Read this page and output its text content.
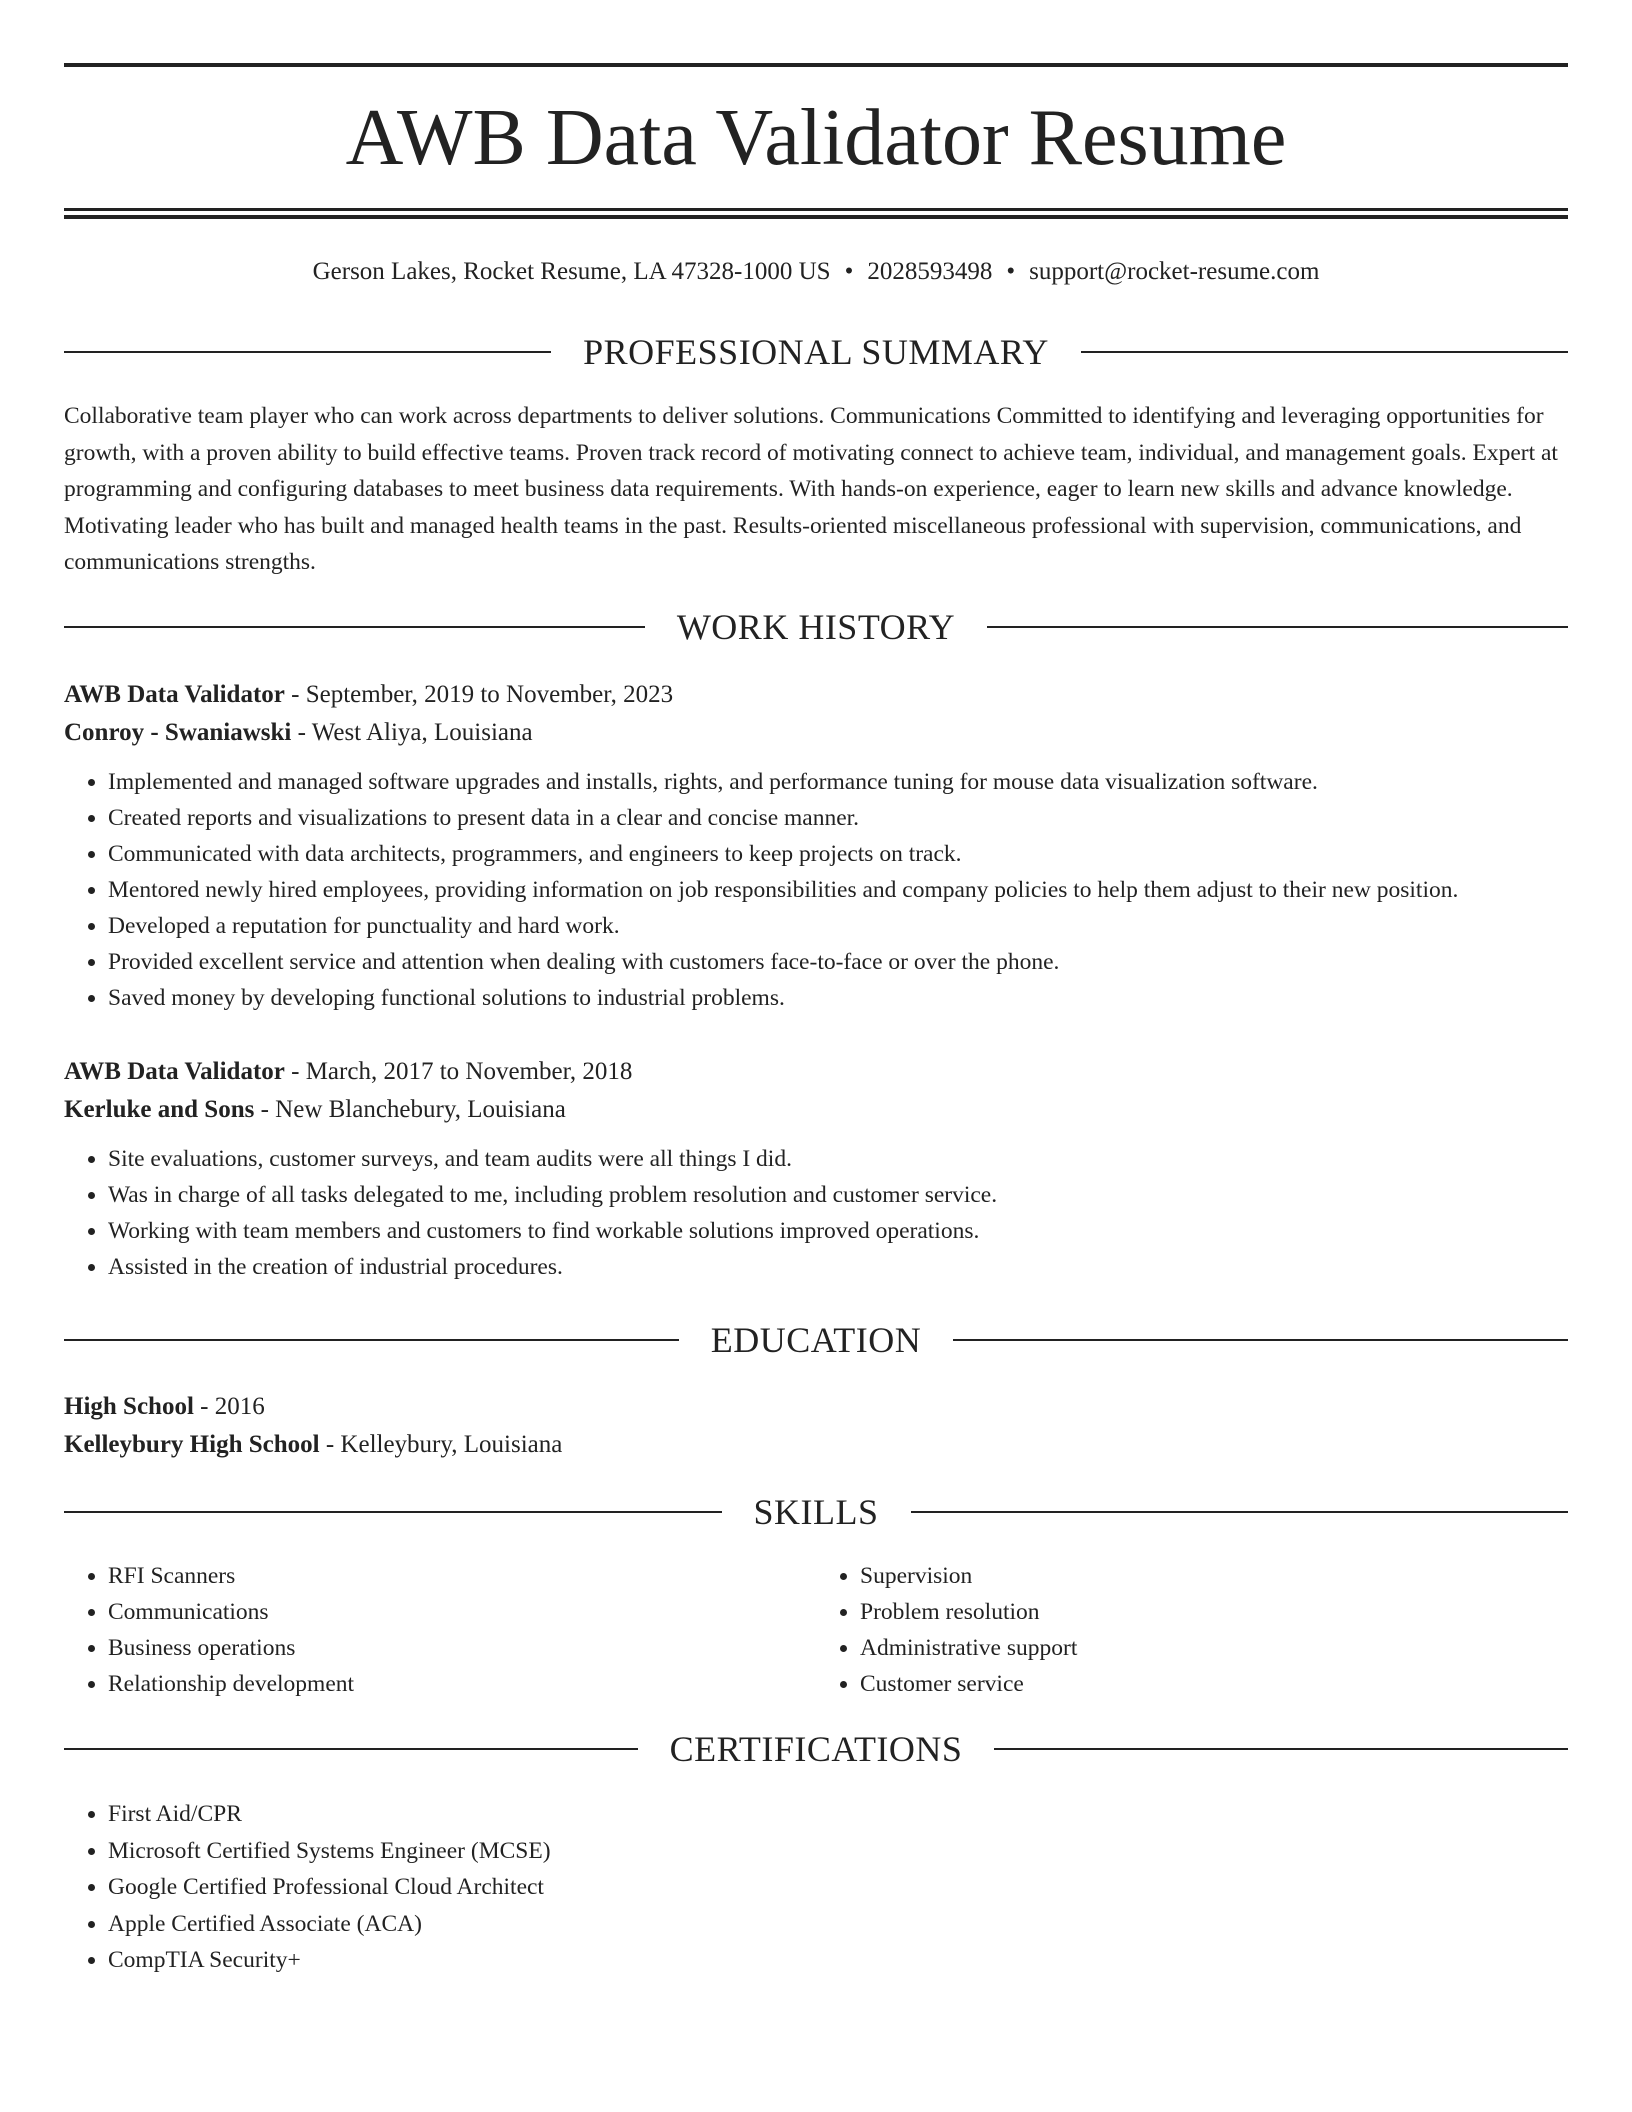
AWB Data Validator Resume
Gerson Lakes, Rocket Resume, LA 47328-1000 US • 2028593498 • support@rocket-resume.com
PROFESSIONAL SUMMARY

Collaborative team player who can work across departments to deliver solutions. Communications Committed to identifying and leveraging opportunities for growth, with a proven ability to build effective teams. Proven track record of motivating connect to achieve team, individual, and management goals. Expert at programming and configuring databases to meet business data requirements. With hands-on experience, eager to learn new skills and advance knowledge. Motivating leader who has built and managed health teams in the past. Results-oriented miscellaneous professional with supervision, communications, and communications strengths.

WORK HISTORY

AWB Data Validator - September, 2019 to November, 2023

Conroy - Swaniawski - West Aliya, Louisiana

• Implemented and managed software upgrades and installs, rights, and performance tuning for mouse data visualization software.
• Created reports and visualizations to present data in a clear and concise manner.
• Communicated with data architects, programmers, and engineers to keep projects on track.
• Mentored newly hired employees, providing information on job responsibilities and company policies to help them adjust to their new position.
• Developed a reputation for punctuality and hard work.
• Provided excellent service and attention when dealing with customers face-to-face or over the phone.
• Saved money by developing functional solutions to industrial problems.

AWB Data Validator - March, 2017 to November, 2018

Kerluke and Sons - New Blanchebury, Louisiana

• Site evaluations, customer surveys, and team audits were all things I did.
• Was in charge of all tasks delegated to me, including problem resolution and customer service.
• Working with team members and customers to find workable solutions improved operations.
• Assisted in the creation of industrial procedures.
EDUCATION

High School - 2016

Kelleybury High School - Kelleybury, Louisiana

SKILLS
• RFI Scanners
• Communications
• Business operations
• Relationship development
• Supervision
• Problem resolution
• Administrative support
• Customer service
CERTIFICATIONS
• First Aid/CPR
• Microsoft Certified Systems Engineer (MCSE)
• Google Certified Professional Cloud Architect
• Apple Certified Associate (ACA)
• CompTIA Security+
